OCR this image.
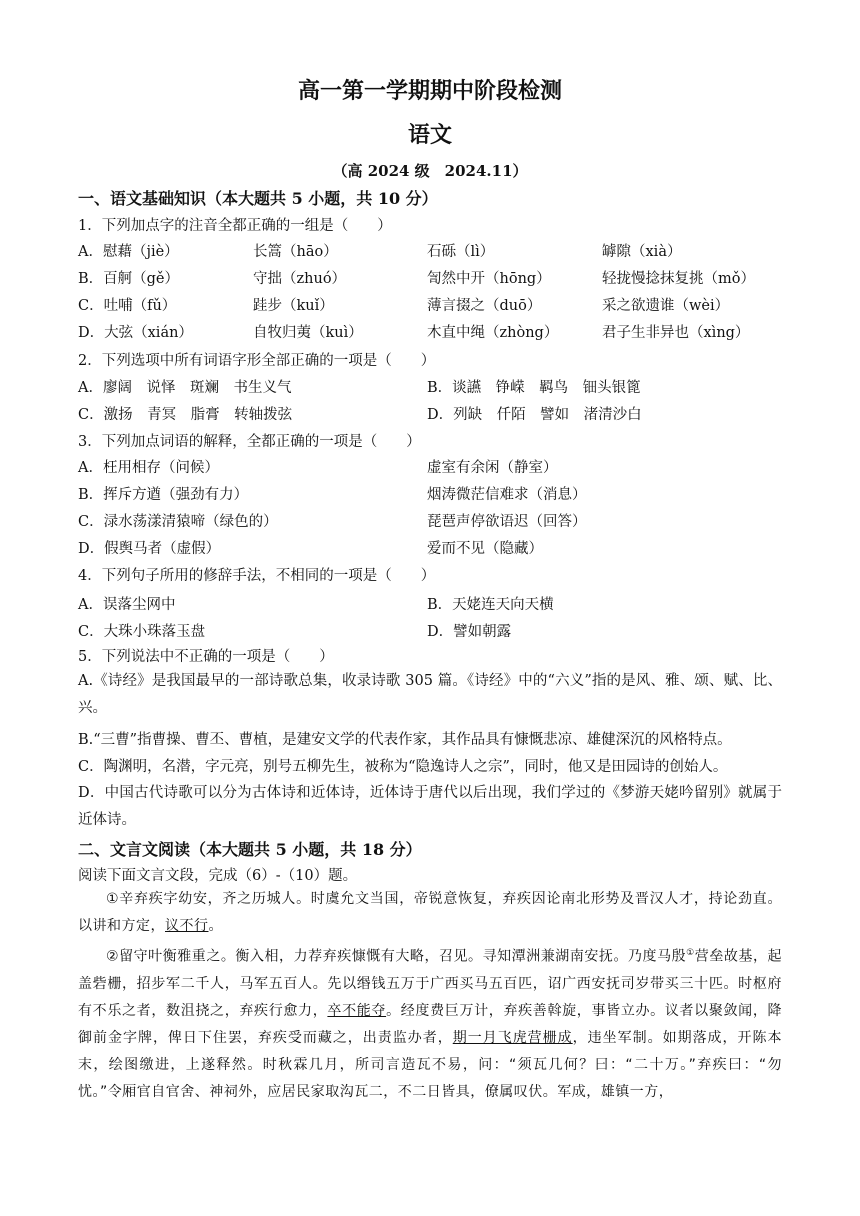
高一第一学期期中阶段检测
语文
（高 2024 级　2024.11）
一、语文基础知识（本大题共 5 小题，共 10 分）
1．下列加点字的注音全都正确的一组是（　　）
A．慰藉（jiè）	长篙（hāo）	石砾（lì）	罅隙（xià）
B．百舸（gě）	守拙（zhuó）	訇然中开（hōng）	轻拢慢捻抹复挑（mǒ）
C．吐哺（fǔ）	跬步（kuǐ）	薄言掇之（duō）	采之欲遗谁（wèi）
D．大弦（xián）	自牧归荑（kuì）	木直中绳（zhòng）	君子生非异也（xìng）
2．下列选项中所有词语字形全部正确的一项是（　　）
A．廖阔　说怿　斑斓　书生义气	B．谈讌　铮嵘　羁鸟　钿头银篦
C．激扬　青冥　脂膏　转轴拨弦	D．列缺　仟陌　譬如　渚清沙白
3．下列加点词语的解释，全都正确的一项是（　　）
A．枉用相存（问候）	虚室有余闲（静室）
B．挥斥方遒（强劲有力）	烟涛微茫信难求（消息）
C．渌水荡漾清猿啼（绿色的）	琵琶声停欲语迟（回答）
D．假舆马者（虚假）	爱而不见（隐藏）
4．下列句子所用的修辞手法，不相同的一项是（　　）
A．误落尘网中	B．天姥连天向天横
C．大珠小珠落玉盘	D．譬如朝露
5．下列说法中不正确的一项是（　　）
A.《诗经》是我国最早的一部诗歌总集，收录诗歌 305 篇。《诗经》中的“六义”指的是风、雅、颂、赋、比、兴。
B.“三曹”指曹操、曹丕、曹植，是建安文学的代表作家，其作品具有慷慨悲凉、雄健深沉的风格特点。
C．陶渊明，名潜，字元亮，别号五柳先生，被称为“隐逸诗人之宗”，同时，他又是田园诗的创始人。
D．中国古代诗歌可以分为古体诗和近体诗，近体诗于唐代以后出现，我们学过的《梦游天姥吟留别》就属于近体诗。
二、文言文阅读（本大题共 5 小题，共 18 分）
阅读下面文言文段，完成（6）-（10）题。
①辛弃疾字幼安，齐之历城人。时虞允文当国，帝锐意恢复，弃疾因论南北形势及晋汉人才，持论劲直。以讲和方定，议不行。
②留守叶衡雅重之。衡入相，力荐弃疾慷慨有大略，召见。寻知潭洲兼湖南安抚。乃度马殷①营垒故基，起盖砦栅，招步军二千人，马军五百人。先以缗钱五万于广西买马五百匹，诏广西安抚司岁带买三十匹。时枢府有不乐之者，数沮挠之，弃疾行愈力，卒不能夺。经度费巨万计，弃疾善斡旋，事皆立办。议者以聚敛闻，降御前金字牌，俾日下住罢，弃疾受而藏之，出责监办者，期一月飞虎营栅成，违坐军制。如期落成，开陈本末，绘图缴进，上遂释然。时秋霖几月，所司言造瓦不易，问：“须瓦几何？曰：“二十万。”弃疾曰：“勿忧。”令厢官自官舍、神祠外，应居民家取沟瓦二，不二日皆具，僚属叹伏。军成，雄镇一方，
